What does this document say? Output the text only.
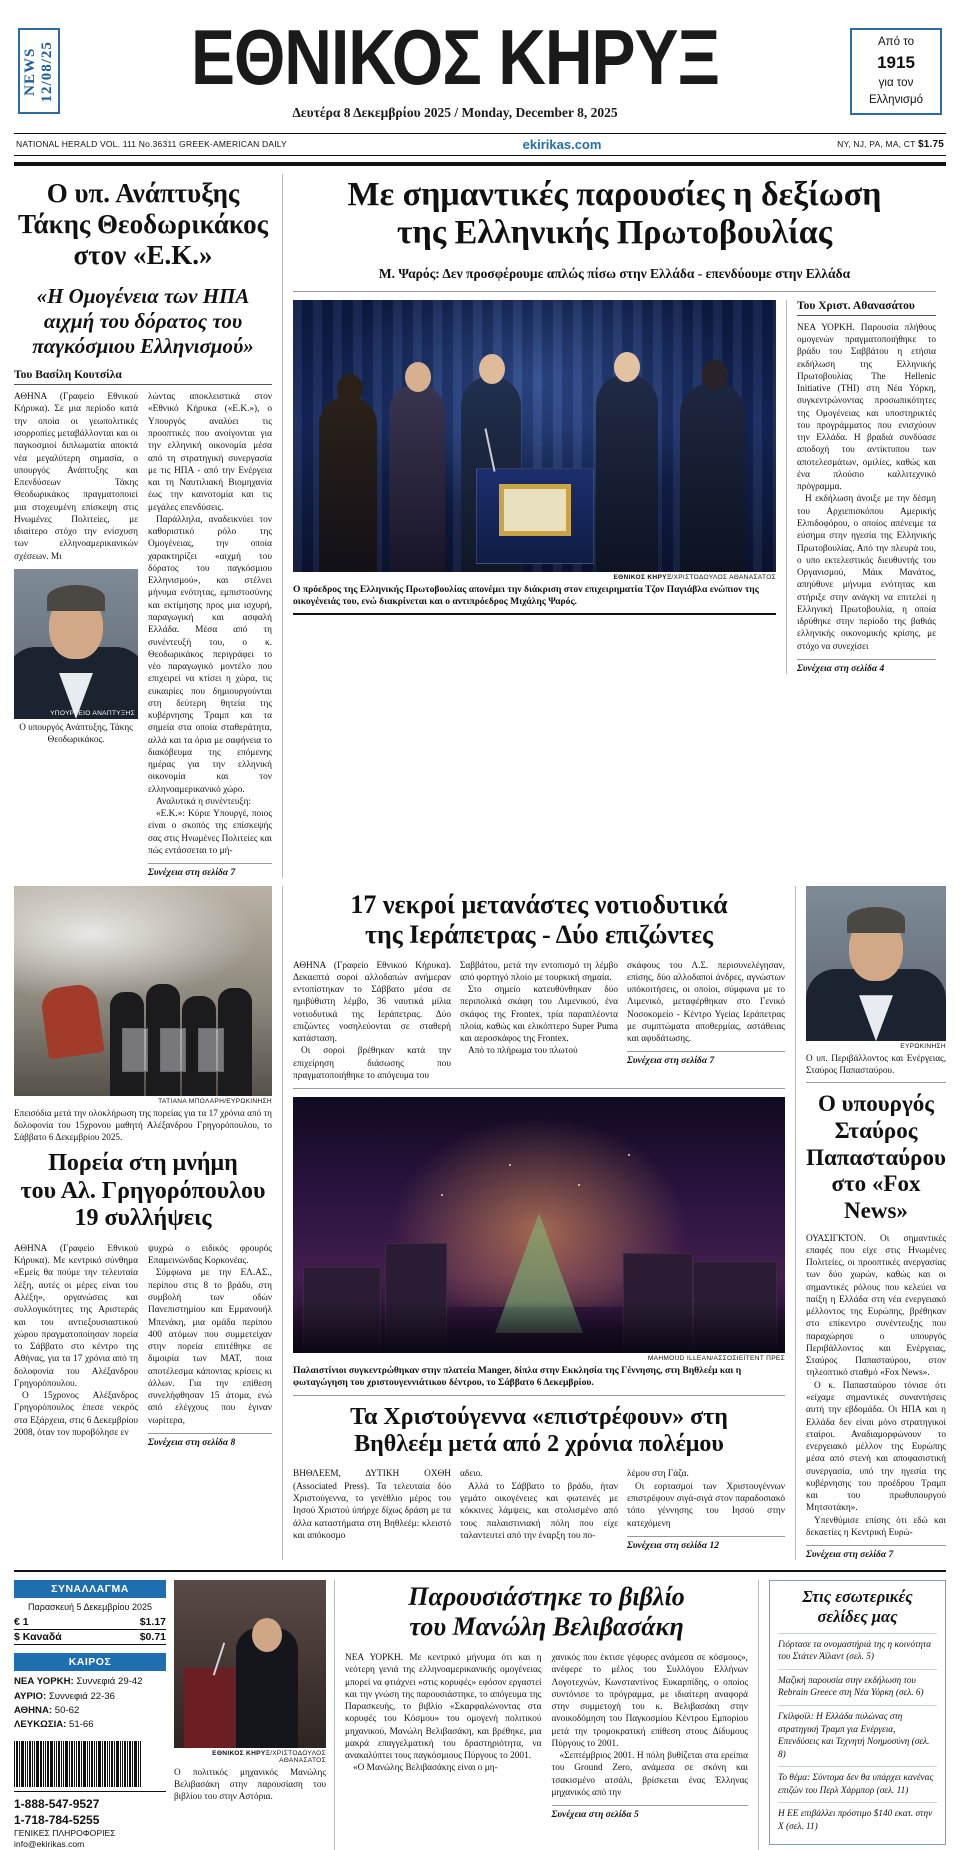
NEWS 12/08/25	ΕΘΝΙΚΟΣ ΚΗΡΥΞ
Δευτέρα 8 Δεκεμβρίου 2025 / Monday, December 8, 2025
Από το
1915
για τον
Ελληνισμό
NATIONAL HERALD VOL. 111 No.36311 GREEK-AMERICAN DAILY	ekirikas.com	NY, NJ, PA, MA, CT $1.75
Ο υπ. Ανάπτυξης Τάκης Θεοδωρικάκος στον «Ε.Κ.»
«Η Ομογένεια των ΗΠΑ αιχμή του δόρατος του παγκόσμιου Ελληνισμού»
Του Βασίλη Κουτσίλα

ΑΘΗΝΑ (Γραφείο Εθνικού Κήρυκα). Σε μια περίοδο κατά την οποία οι γεωπολιτικές ισορροπίες μεταβάλλονται και οι παγκοσμιοί διπλωματία αποκτά νέα μεγαλύτερη σημασία, ο υπουργός Ανάπτυξης και Επενδύσεων Τάκης Θεοδωρικάκος πραγματοποιεί μια στοχευμένη επίσκεψη στις Ηνωμένες Πολιτείες, με ιδιαίτερο στόχο την ενίσχυση των ελληνοαμερικανικών σχέσεων. Μι

ΥΠΟΥΡΓΕΙΟ ΑΝΑΠΤΥΞΗΣ
Ο υπουργός Ανάπτυξης, Τάκης Θεοδωρικάκος.

λώντας αποκλειστικά στον «Εθνικό Κήρυκα («Ε.Κ.»), ο Υπουργός αναλύει τις προοπτικές που ανοίγονται για την ελληνική οικονομία μέσα από τη στρατηγική συνεργασία με τις ΗΠΑ - από την Ενέργεια και τη Ναυτιλιακή Βιομηχανία έως την καινοτομία και τις μεγάλες επενδύσεις.

Παράλληλα, αναδεικνύει τον καθοριστικό ρόλο της Ομογένειας, την οποία χαρακτηρίζει «αιχμή του δόρατος του παγκόσμιου Ελληνισμού», και στέλνει μήνυμα ενότητας, εμπιστοσύνης και εκτίμησης προς μια ισχυρή, παραγωγική και ασφαλή Ελλάδα. Μέσα από τη συνέντευξή του, ο κ. Θεοδωρικάκος περιγράφει το νέο παραγωγικό μοντέλο που επιχειρεί να κτίσει η χώρα, τις ευκαιρίες που δημιουργούνται στη δεύτερη θητεία της κυβέρνησης Τραμπ και τα σημεία στα οποία σταθεράτητα, αλλά και τα όρια με σαφήνεια το διακόβευμα της επόμενης ημέρας για την ελληνική οικονομία και τον ελληνοαμερικανικό χώρο.

Αναλυτικά η συνέντευξη:

«Ε.Κ.»: Κύριε Υπουργέ, ποιος είναι ο σκοπός της επίσκεψής σας στις Ηνωμένες Πολιτείες και πώς εντάσσεται το μή-

Συνέχεια στη σελίδα 7
Με σημαντικές παρουσίες η δεξίωση
της Ελληνικής Πρωτοβουλίας
Μ. Ψαρός: Δεν προσφέρουμε απλώς πίσω στην Ελλάδα - επενδύουμε στην Ελλάδα
ΕΘΝΙΚΟΣ ΚΗΡΥΞ/ΧΡΙΣΤΟΔΟΥΛΟΣ ΑΘΑΝΑΣΑΤΟΣ
Ο πρόεδρος της Ελληνικής Πρωτοβουλίας απονέμει την διάκριση στον επιχειρηματία Τζον Παγιάβλα ενώπιον της οικογένειάς του, ενώ διακρίνεται και ο αντιπρόεδρος Μιχάλης Ψαρός.
Του Χριστ. Αθανασάτου

ΝΕΑ ΥΟΡΚΗ. Παρουσία πλήθους ομογενών πραγματοποιήθηκε το βράδυ του Σαββάτου η ετήσια εκδήλωση της Ελληνικής Πρωτοβουλίας The Hellenic Initiative (THI) στη Νέα Υόρκη, συγκεντρώνοντας προσωπικότητες της Ομογένειας και υποστηρικτές του προγράμματος που ενισχύουν την Ελλάδα. Η βραδιά συνδύασε αποδοχή του αντίκτυπου των αποτελεσμάτων, ομιλίες, καθώς και ένα πλούσιο καλλιτεχνικό πρόγραμμα.

Η εκδήλωση άνοιξε με την δέσμη του Αρχιεπισκόπου Αμερικής Ελπιδοφόρου, ο οποίος απένειμε τα εύσημα στην ηγεσία της Ελληνικής Πρωτοβουλίας. Από την πλευρά του, ο υπο εκτελεστικός διευθυντής του Οργανισμού, Μάικ Μανάτος, απηύθυνε μήνυμα ενότητας και στήριξε στην ανάγκη να επιτελεί η Ελληνική Πρωτοβουλία, η οποία ιδρύθηκε στην περίοδο της βαθιάς ελληνικής οικονομικής κρίσης, με στόχο να συνεχίσει

Συνέχεια στη σελίδα 4
ΤΑΤΙΑΝΑ ΜΠΟΛΑΡΗ/ΕΥΡΩΚΙΝΗΣΗ
Επεισόδια μετά την ολοκλήρωση της πορείας για τα 17 χρόνια από τη δολοφονία του 15χρονου μαθητή Αλέξανδρου Γρηγορόπουλου, το Σάββατο 6 Δεκεμβρίου 2025.
Πορεία στη μνήμη
του Αλ. Γρηγορόπουλου
19 συλλήψεις

ΑΘΗΝΑ (Γραφείο Εθνικού Κήρυκα). Με κεντρικό σύνθημα «Εμείς θα πούμε την τελευταία λέξη, αυτές οι μέρες είναι του Αλέξη», οργανώσεις και συλλογικότητες της Αριστεράς και του αντιεξουσιαστικού χώρου πραγματοποίησαν πορεία το Σάββατο στο κέντρο της Αθήνας, για τα 17 χρόνια από τη δολοφονία του Αλέξανδρου Γρηγορόπουλου.

Ο 15χρονος Αλέξανδρος Γρηγορόπουλος έπεσε νεκρός στα Εξάρχεια, στις 6 Δεκεμβρίου 2008, όταν τον πυροβόλησε εν

ψυχρώ ο ειδικός φρουρός Επαμεινώνδας Κορκονέας.

Σύμφωνα με την ΕΛ.ΑΣ., περίπου στις 8 το βράδυ, στη συμβολή των οδών Πανεπιστημίου και Εμμανουήλ Μπενάκη, μια ομάδα περίπου 400 ατόμων που συμμετείχαν στην πορεία επιτέθηκε σε διμοιρία των ΜΑΤ, ποια αποτέλεσμα κάποντας κρίσεις κι άλλων. Για την επίθεση συνελήφθησαν 15 άτομα, ενώ από ελέγχους που έγιναν νωρίτερα,

Συνέχεια στη σελίδα 8
17 νεκροί μετανάστες νοτιοδυτικά
της Ιεράπετρας - Δύο επιζώντες

ΑΘΗΝΑ (Γραφείο Εθνικού Κήρυκα). Δεκαεπτά σοροί αλλοδαπών ανήμεραν εντοπίστηκαν το Σάββατο μέσα σε ημιβύθιστη λέμβο, 36 ναυτικά μίλια νοτιοδυτικά της Ιεράπετρας. Δύο επιζώντες νοσηλεύονται σε σταθερή κατάσταση.

Οι σοροί βρέθηκαν κατά την επιχείρηση διάσωσης που πραγματοποιήθηκε το απόγευμα του

Σαββάτου, μετά την εντοπισμό τη λέμβο από φορτηγό πλοίο με τουρκική σημαία.

Στο σημείο κατευθύνθηκαν δύο περιπολικά σκάφη του Λιμενικού, ένα σκάφος της Frontex, τρία παραπλέοντα πλοία, καθώς και ελικόπτερο Super Puma και αεροσκάφος της Frontex.

Από το πλήρωμα του πλωτού

σκάφους του Λ.Σ. περισυνελέγησαν, επίσης, δύο αλλοδαποί άνδρες, αγνώστων υπόκοιτήσεις, οι οποίοι, σύμφωνα με το Λιμενικό, μεταφέρθηκαν στο Γενικό Νοσοκομείο - Κέντρο Υγείας Ιεράπετρας με συμπτώματα αποθερμίας, αστάθειας και αφυδάτωσης.

Συνέχεια στη σελίδα 7
MAHMOUD ILLEAN/ΑΣΣΟΣΙΕΪΤΕΝΤ ΠΡΕΣ
Παλαιστίνιοι συγκεντρώθηκαν στην πλατεία Manger, δίπλα στην Εκκλησία της Γέννησης, στη Βηθλεέμ και η φωταγώγηση του χριστουγεννιάτικου δέντρου, το Σάββατο 6 Δεκεμβρίου.
Τα Χριστούγεννα «επιστρέφουν» στη
Βηθλεέμ μετά από 2 χρόνια πολέμου

ΒΗΘΛΕΕΜ, ΔΥΤΙΚΗ ΟΧΘΗ (Associated Press). Τα τελευταία δύο Χριστούγεννα, το γενέθλιο μέρος του Ιησού Χριστού ύπήρχε δίχως δράση με τα άλλα καταστήματα στη Βηθλεέμ: κλειστό και απόκοσμο

αδειο.

Αλλά το Σάββατο το βράδυ, ήταν γεμάτο οικογένειες και φωτεινές με κόκκινες λάμψεις, και στολισμένο από τους παλαιστινιακή πόλη που είχε ταλαντευτεί από την έναρξη του πο-

λέμου στη Γάζα.

Οι εορτασμοί των Χριστουγέννων επιστρέφουν σιγά-σιγά στον παραδοσιακό τόπο γέννησης του Ιησού στην κατεχόμενη

Συνέχεια στη σελίδα 12
ΕΥΡΩΚΙΝΗΣΗ
Ο υπ. Περιβάλλοντος και Ενέργειας, Σταύρος Παπασταύρου.
Ο υπουργός
Σταύρος
Παπασταύρου
στο «Fox
News»

ΟΥΑΣΙΓΚΤΟΝ. Οι σημαντικές επαφές που είχε στις Ηνωμένες Πολιτείες, οι προοπτικές ανεργασίας των δύο χωρών, καθώς και οι σημαντικές ρόλους που κελεύει να παίξη η Ελλάδα στη νέα ενεργειακό μέλλοντος της Ευρώπης, βρέθηκαν στο επίκεντρο συνέντευξης που παραχώρησε ο υπουργός Περιβάλλοντος και Ενέργειας, Σταύρος Παπασταύρου, στον τηλεοπτικό σταθμό «Fox News».

Ο κ. Παπασταύρου τόνισε ότι «είχαμε σημαντικές συναντήσεις αυτή την εβδομάδα. Οι ΗΠΑ και η Ελλάδα δεν είναι μόνο στρατηγικοί εταίροι. Αναδιαμορφώνουν το ενεργειακό μέλλον της Ευρώπης μέσα από στενή και αποφασιστική συνεργασία, υπό την ηγεσία της κυβέρνησης του προέδρου Τραμπ και του πρωθυπουργού Μητσοτάκη».

Υπενθύμισε επίσης ότι εδώ και δεκαετίες η Κεντρική Ευρώ-

Συνέχεια στη σελίδα 7
ΣΥΝΑΛΛΑΓΜΑ
Παρασκευή 5 Δεκεμβρίου 2025
€ 1	$1.17
$ Καναδά	$0.71
ΚΑΙΡΟΣ
ΝΕΑ ΥΟΡΚΗ: Συννεφιά 29-42
ΑΥΡΙΟ: Συννεφιά 22-36
ΑΘΗΝΑ: 50-62
ΛΕΥΚΩΣΙΑ: 51-66
1-888-547-9527
1-718-784-5255
ΓΕΝΙΚΕΣ ΠΛΗΡΟΦΟΡΙΕΣ
info@ekirikas.com
ΕΘΝΙΚΟΣ ΚΗΡΥΞ/ΧΡΙΣΤΟΔΟΥΛΟΣ ΑΘΑΝΑΣΑΤΟΣ
Ο πολιτικός μηχανικός Μανώλης Βελιβασάκη στην παρουσίαση του βιβλίου του στην Αστόρια.
Παρουσιάστηκε το βιβλίο
του Μανώλη Βελιβασάκη

ΝΕΑ ΥΟΡΚΗ. Με κεντρικό μήνυμα ότι και η νεότερη γενιά της ελληνοαμερικανικής ομογένειας μπορεί να φτιάχνει «στις κορυφές» εφόσον εργαστεί και την γνώση της παρουσιάστηκε, το απόγευμα της Παρασκευής, το βιβλίο «Σκαρφαλώνοντας στα κορυφές του Κόσμου» του ομογενή πολιτικού μηχανικού, Μανώλη Βελιβασάκη, και βρέθηκε, μια μακρά επαγγελματική του δραστηριότητα, να ανακαλύπτει τους παγκόσμιους Πύργους το 2001.

«Ο Μανώλης Βελιβασάκης είναι ο μη-

χανικός που έκτισε γέφυρες ανάμεσα σε κόσμους», ανέφερε το μέλος του Συλλόγου Ελλήνων Λογοτεχνών, Κωνσταντίνος Ευκαρπίδης, ο οποίος συντόνισε το πρόγραμμα, με ιδιαίτερη αναφορά στην συμμετοχή του κ. Βελιβασάκη στην ανοικοδόμηση του Παγκοσμίου Κέντρου Εμπορίου μετά την τρομοκρατική επίθεση στους Δίδυμους Πύργους το 2001.

«Σεπτέμβριος 2001. Η πόλη βυθίζεται στα ερείπια του Ground Zero, ανάμεσα σε σκόνη και τσακισμένο ατσάλι, βρίσκεται ένας Έλληνας μηχανικός από την

Συνέχεια στη σελίδα 5
Στις εσωτερικές σελίδες μας
Γιόρτασε τα ονομαστήριά της η κοινότητα του Στάτεν Άϊλαντ (σελ. 5)
Μαζική παρουσία στην εκδήλωση του Rebrain Greece στη Νέα Υόρκη (σελ. 6)
Γκίλφοϊλ: Η Ελλάδα πυλώνας στη στρατηγική Τραμπ για Ενέργεια, Επενδύσεις και Τεχνητή Νοημοσύνη (σελ. 8)
Το θέμα: Σύντομα δεν θα υπάρχει κανένας επιζών του Περλ Χάρμπορ (σελ. 11)
Η ΕΕ επιβάλλει πρόστιμο $140 εκατ. στην X (σελ. 11)
